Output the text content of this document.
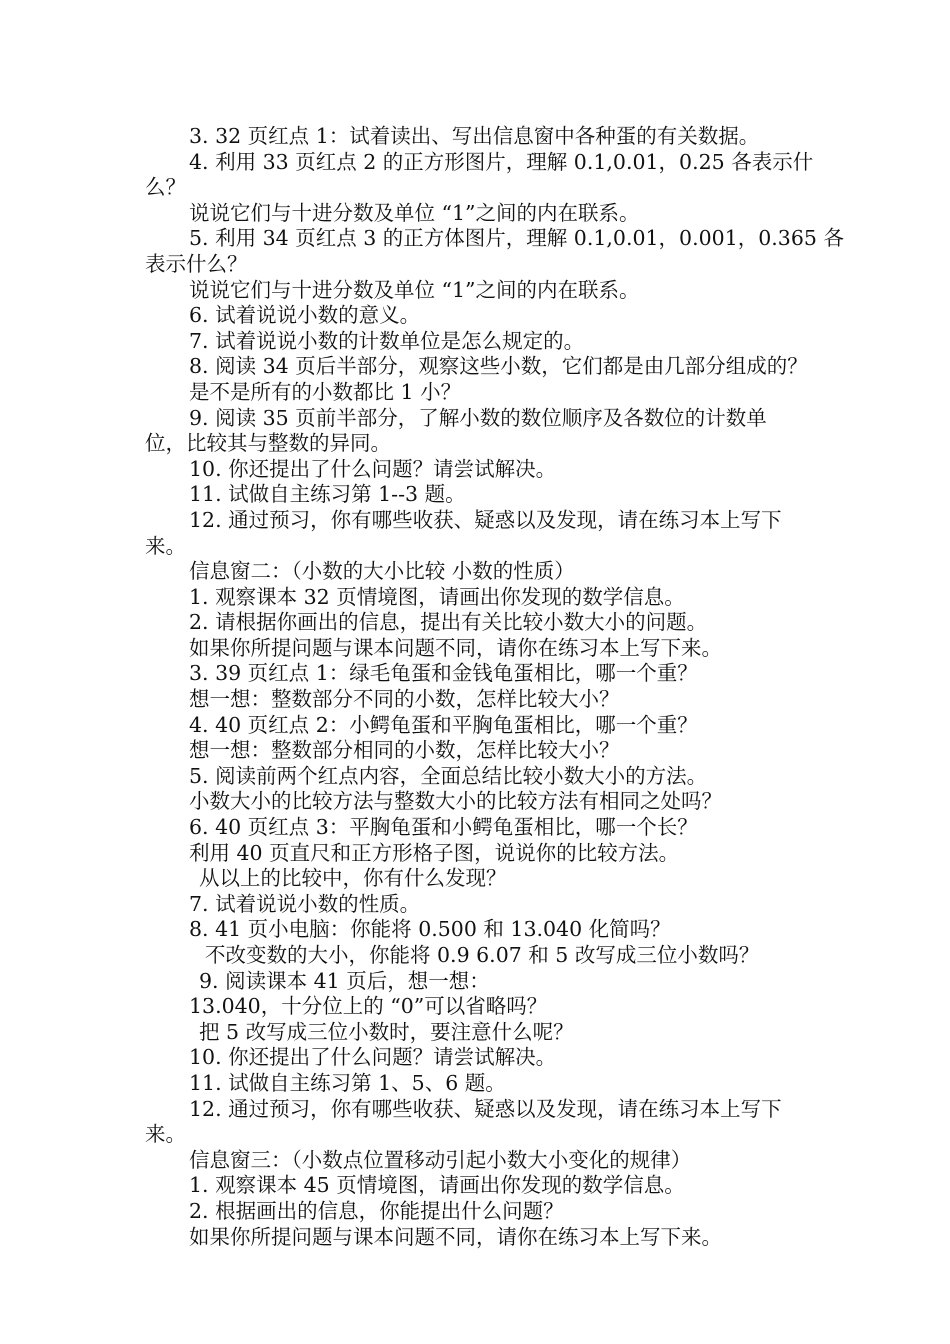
3. 32 页红点 1：试着读出、写出信息窗中各种蛋的有关数据。
4. 利用 33 页红点 2 的正方形图片，理解 0.1,0.01，0.25 各表示什
么？
说说它们与十进分数及单位 “1”之间的内在联系。
5. 利用 34 页红点 3 的正方体图片，理解 0.1,0.01，0.001，0.365 各
表示什么？
说说它们与十进分数及单位 “1”之间的内在联系。
6. 试着说说小数的意义。
7. 试着说说小数的计数单位是怎么规定的。
8. 阅读 34 页后半部分，观察这些小数，它们都是由几部分组成的？
是不是所有的小数都比 1 小？
9. 阅读 35 页前半部分，了解小数的数位顺序及各数位的计数单
位，比较其与整数的异同。
10. 你还提出了什么问题？请尝试解决。
11. 试做自主练习第 1--3 题。
12. 通过预习，你有哪些收获、疑惑以及发现，请在练习本上写下
来。
信息窗二：（小数的大小比较 小数的性质）
1. 观察课本 32 页情境图，请画出你发现的数学信息。
2. 请根据你画出的信息，提出有关比较小数大小的问题。
如果你所提问题与课本问题不同，请你在练习本上写下来。
3. 39 页红点 1：绿毛龟蛋和金钱龟蛋相比，哪一个重？
想一想：整数部分不同的小数，怎样比较大小？
4. 40 页红点 2：小鳄龟蛋和平胸龟蛋相比，哪一个重？
想一想：整数部分相同的小数，怎样比较大小？
5. 阅读前两个红点内容，全面总结比较小数大小的方法。
小数大小的比较方法与整数大小的比较方法有相同之处吗？
6. 40 页红点 3：平胸龟蛋和小鳄龟蛋相比，哪一个长？
利用 40 页直尺和正方形格子图，说说你的比较方法。
从以上的比较中，你有什么发现？
7. 试着说说小数的性质。
8. 41 页小电脑：你能将 0.500 和 13.040 化简吗？
不改变数的大小，你能将 0.9 6.07 和 5 改写成三位小数吗？
9. 阅读课本 41 页后，想一想：
13.040，十分位上的 “0”可以省略吗？
把 5 改写成三位小数时，要注意什么呢？
10. 你还提出了什么问题？请尝试解决。
11. 试做自主练习第 1、5、6 题。
12. 通过预习，你有哪些收获、疑惑以及发现，请在练习本上写下
来。
信息窗三：（小数点位置移动引起小数大小变化的规律）
1. 观察课本 45 页情境图，请画出你发现的数学信息。
2. 根据画出的信息，你能提出什么问题？
如果你所提问题与课本问题不同，请你在练习本上写下来。
